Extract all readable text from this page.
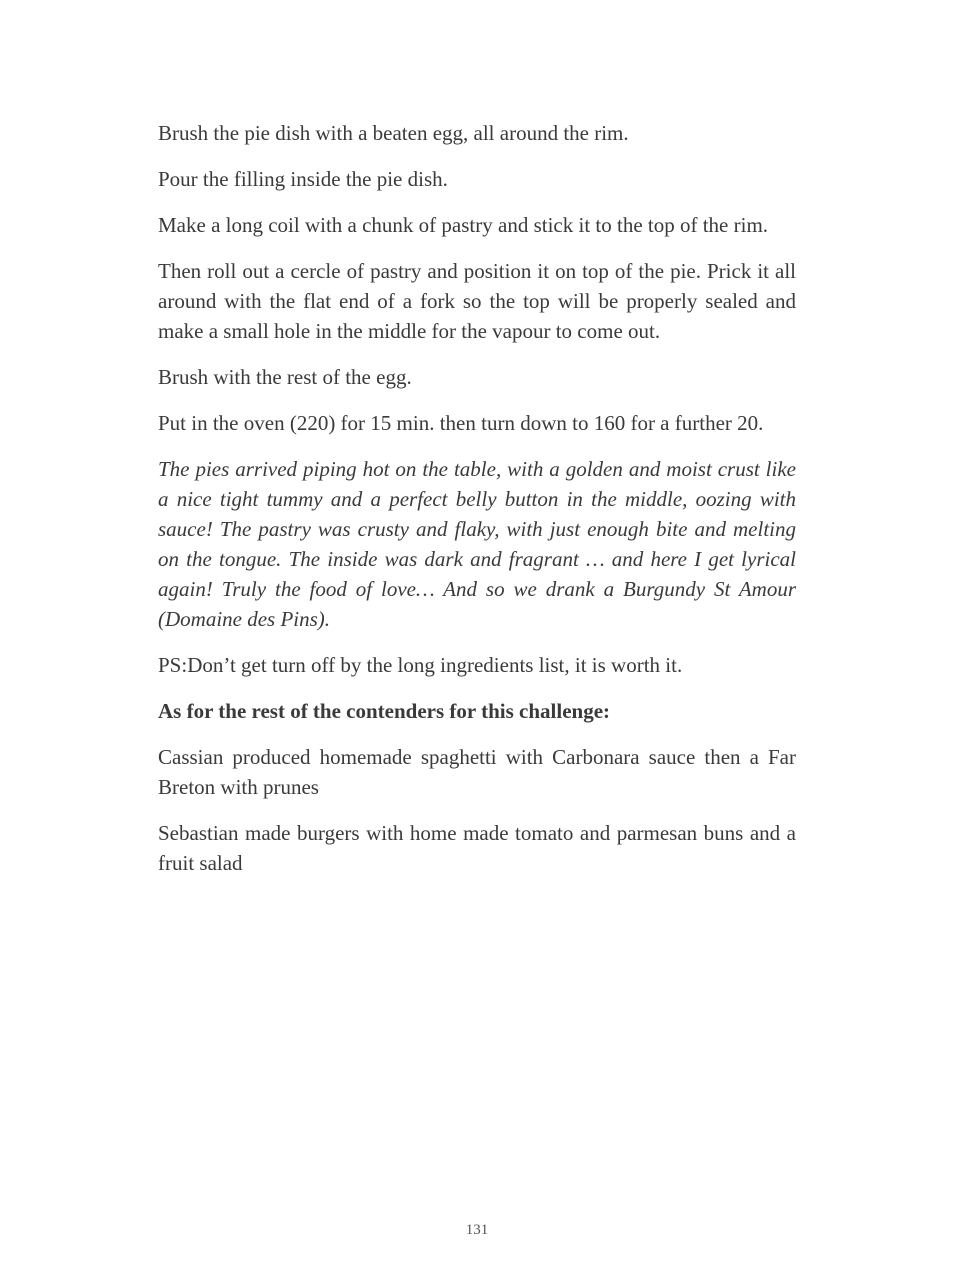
Brush the pie dish with a beaten egg, all around the rim.

Pour the filling inside the pie dish.

Make a long coil with a chunk of pastry and stick it to the top of the rim.

Then roll out a cercle of pastry and position it on top of the pie. Prick it all around with the flat end of a fork so the top will be properly sealed and make a small hole in the middle for the vapour to come out.

Brush with the rest of the egg.

Put in the oven (220) for 15 min. then turn down to 160 for a further 20.

The pies arrived piping hot on the table, with a golden and moist crust like a nice tight tummy and a perfect belly button in the middle, oozing with sauce! The pastry was crusty and flaky, with just enough bite and melting on the tongue. The inside was dark and fragrant … and here I get lyrical again! Truly the food of love… And so we drank a Burgundy St Amour (Domaine des Pins).

PS:Don’t get turn off by the long ingredients list, it is worth it.

As for the rest of the contenders for this challenge:

Cassian produced homemade spaghetti with Carbonara sauce then a Far Breton with prunes

Sebastian made burgers with home made tomato and parmesan buns and a fruit salad

131
